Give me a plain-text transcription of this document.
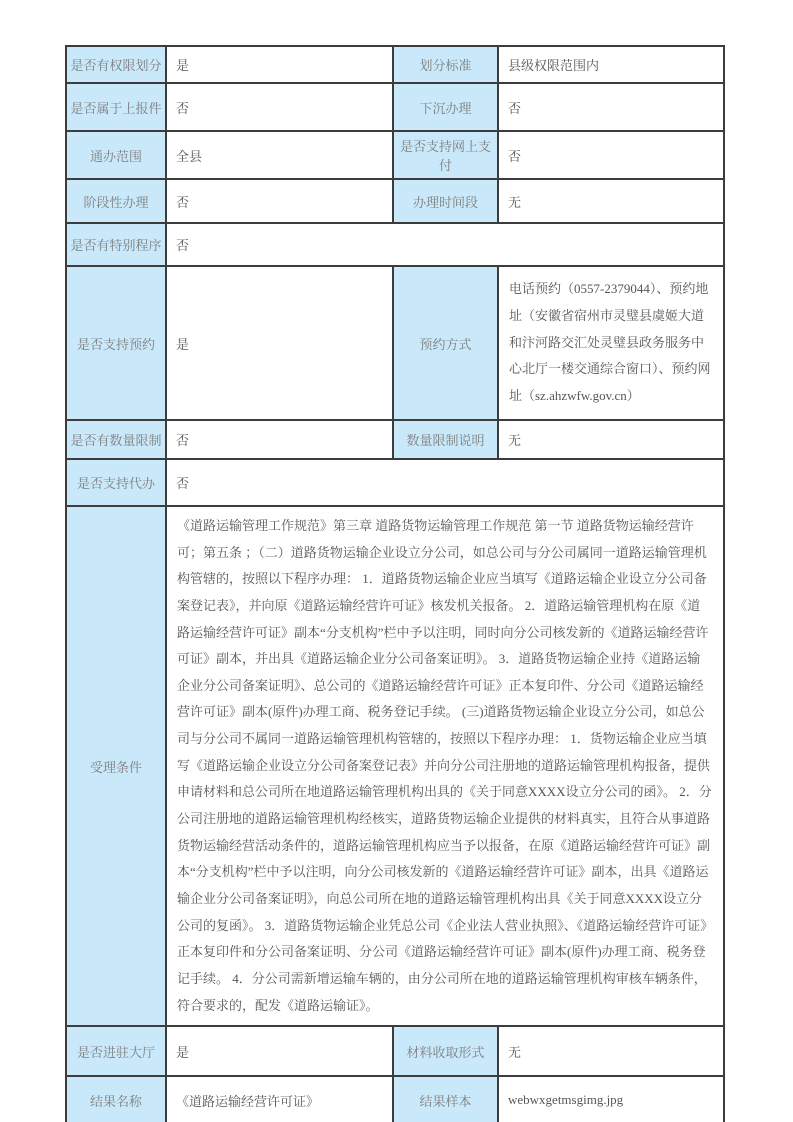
是否有权限划分	是	划分标准	县级权限范围内
是否属于上报件	否	下沉办理	否
通办范围	全县	是否支持网上支付	否
阶段性办理	否	办理时间段	无
是否有特别程序	否		
是否支持预约	是	预约方式	电话预约（0557-2379044）、预约地址（安徽省宿州市灵璧县虞姬大道和汴河路交汇处灵璧县政务服务中心北厅一楼交通综合窗口）、预约网址（sz.ahzwfw.gov.cn）
是否有数量限制	否	数量限制说明	无
是否支持代办	否		
受理条件	《道路运输管理工作规范》第三章 道路货物运输管理工作规范 第一节 道路货物运输经营许可；第五条 ；（二）道路货物运输企业设立分公司，如总公司与分公司属同一道路运输管理机构管辖的，按照以下程序办理： 1．道路货物运输企业应当填写《道路运输企业设立分公司备案登记表》，并向原《道路运输经营许可证》核发机关报备。 2．道路运输管理机构在原《道路运输经营许可证》副本“分支机构”栏中予以注明，同时向分公司核发新的《道路运输经营许可证》副本，并出具《道路运输企业分公司备案证明》。 3．道路货物运输企业持《道路运输企业分公司备案证明》、总公司的《道路运输经营许可证》正本复印件、分公司《道路运输经营许可证》副本(原件)办理工商、税务登记手续。 (三)道路货物运输企业设立分公司，如总公司与分公司不属同一道路运输管理机构管辖的，按照以下程序办理： 1．货物运输企业应当填写《道路运输企业设立分公司备案登记表》并向分公司注册地的道路运输管理机构报备，提供申请材料和总公司所在地道路运输管理机构出具的《关于同意XXXX设立分公司的函》。 2．分公司注册地的道路运输管理机构经核实，道路货物运输企业提供的材料真实，且符合从事道路货物运输经营活动条件的，道路运输管理机构应当予以报备，在原《道路运输经营许可证》副本“分支机构”栏中予以注明，向分公司核发新的《道路运输经营许可证》副本，出具《道路运输企业分公司备案证明》，向总公司所在地的道路运输管理机构出具《关于同意XXXX设立分公司的复函》。 3．道路货物运输企业凭总公司《企业法人营业执照》、《道路运输经营许可证》正本复印件和分公司备案证明、分公司《道路运输经营许可证》副本(原件)办理工商、税务登记手续。 4．分公司需新增运输车辆的，由分公司所在地的道路运输管理机构审核车辆条件，符合要求的，配发《道路运输证》。		
是否进驻大厅	是	材料收取形式	无
结果名称	《道路运输经营许可证》	结果样本	webwxgetmsgimg.jpg
